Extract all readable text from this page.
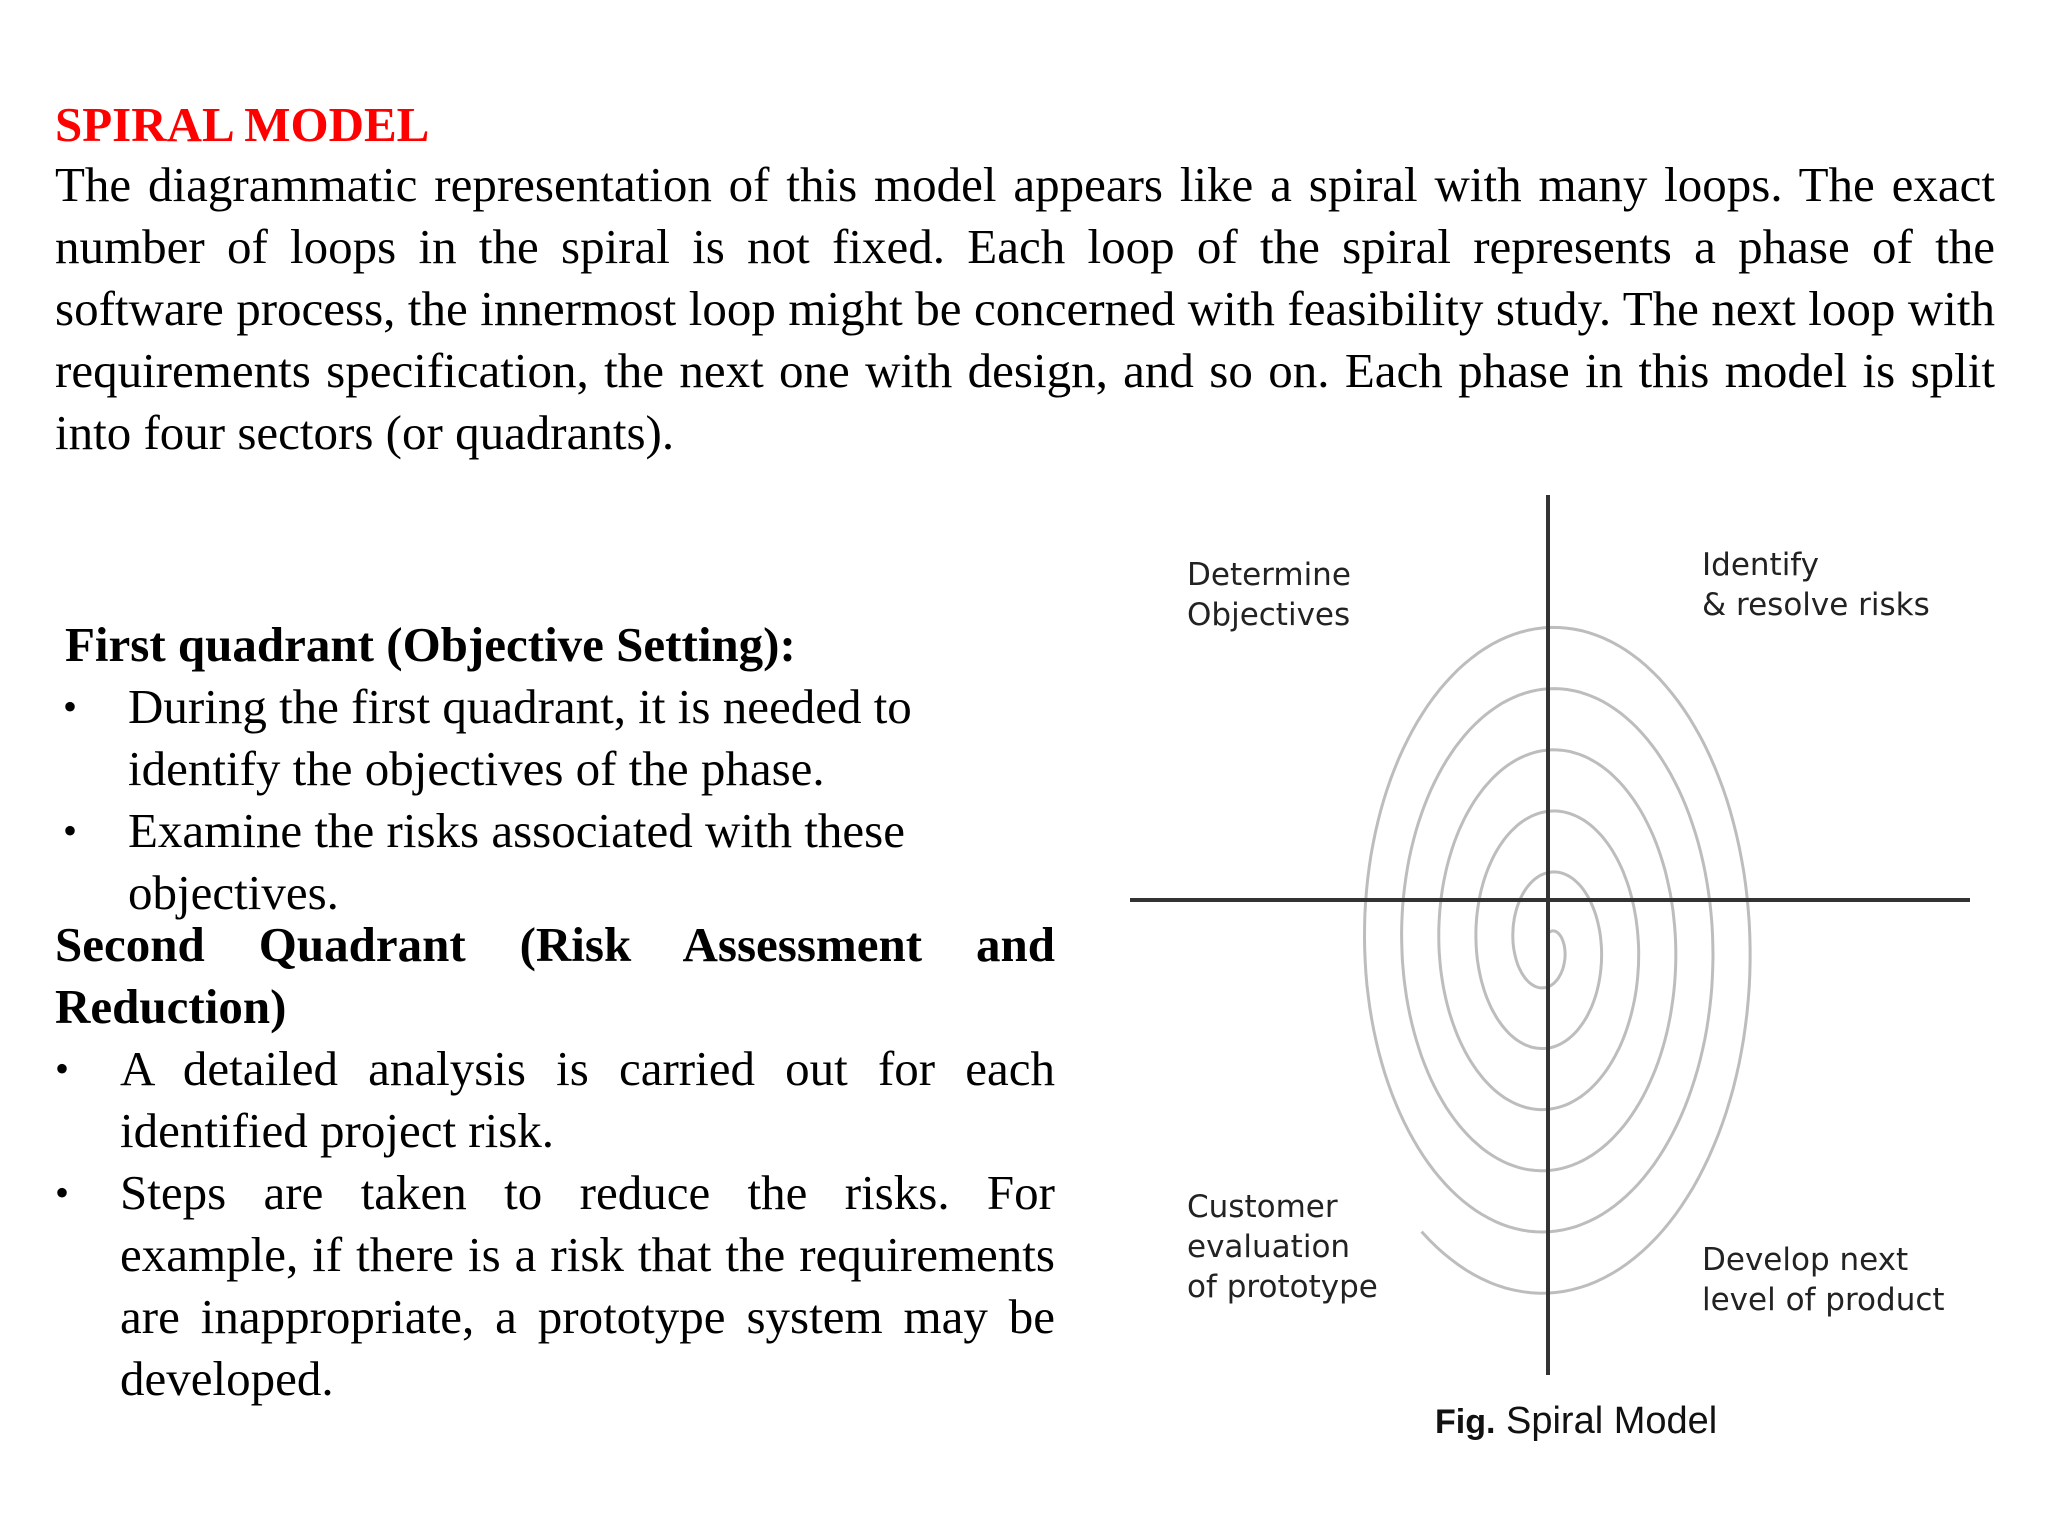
SPIRAL MODEL
The diagrammatic representation of this model appears like a spiral with many loops. The exact number of loops in the spiral is not fixed. Each loop of the spiral represents a phase of the software process, the innermost loop might be concerned with feasibility study. The next loop with requirements specification, the next one with design, and so on. Each phase in this model is split into four sectors (or quadrants).
First quadrant (Objective Setting):
• During the first quadrant, it is needed to identify the objectives of the phase.
• Examine the risks associated with these objectives.
Second Quadrant (Risk Assessment and
Reduction)
• A detailed analysis is carried out for each identified project risk.
• Steps are taken to reduce the risks. For example, if there is a risk that the requirements are inappropriate, a prototype system may be developed.
Determine
Objectives
Identify
& resolve risks
Customer
evaluation
of prototype
Develop next
level of product
Fig. Spiral Model
